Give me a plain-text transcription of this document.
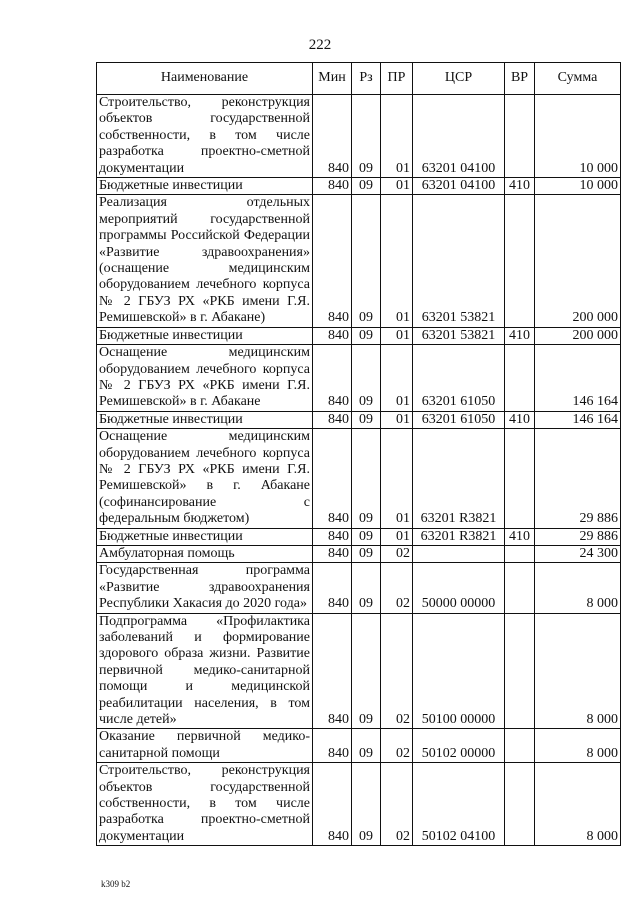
222
Наименование	Мин	Рз	ПР	ЦСР	ВР	Сумма
Строительство, реконструкция объектов государственной собственности, в том числе разработка проектно-сметной документации	840	09	01	63201 04100		10 000
Бюджетные инвестиции	840	09	01	63201 04100	410	10 000
Реализация отдельных мероприятий государственной программы Российской Федерации «Развитие здравоохранения» (оснащение медицинским оборудованием лечебного корпуса № 2 ГБУЗ РХ «РКБ имени Г.Я. Ремишевской» в г. Абакане)	840	09	01	63201 53821		200 000
Бюджетные инвестиции	840	09	01	63201 53821	410	200 000
Оснащение медицинским оборудованием лечебного корпуса № 2 ГБУЗ РХ «РКБ имени Г.Я. Ремишевской» в г. Абакане	840	09	01	63201 61050		146 164
Бюджетные инвестиции	840	09	01	63201 61050	410	146 164
Оснащение медицинским оборудованием лечебного корпуса № 2 ГБУЗ РХ «РКБ имени Г.Я. Ремишевской» в г. Абакане (софинансирование с федеральным бюджетом)	840	09	01	63201 R3821		29 886
Бюджетные инвестиции	840	09	01	63201 R3821	410	29 886
Амбулаторная помощь	840	09	02			24 300
Государственная программа «Развитие здравоохранения Республики Хакасия до 2020 года»	840	09	02	50000 00000		8 000
Подпрограмма «Профилактика заболеваний и формирование здорового образа жизни. Развитие первичной медико-санитарной помощи и медицинской реабилитации населения, в том числе детей»	840	09	02	50100 00000		8 000
Оказание первичной медико-санитарной помощи	840	09	02	50102 00000		8 000
Строительство, реконструкция объектов государственной собственности, в том числе разработка проектно-сметной документации	840	09	02	50102 04100		8 000
k309 b2
